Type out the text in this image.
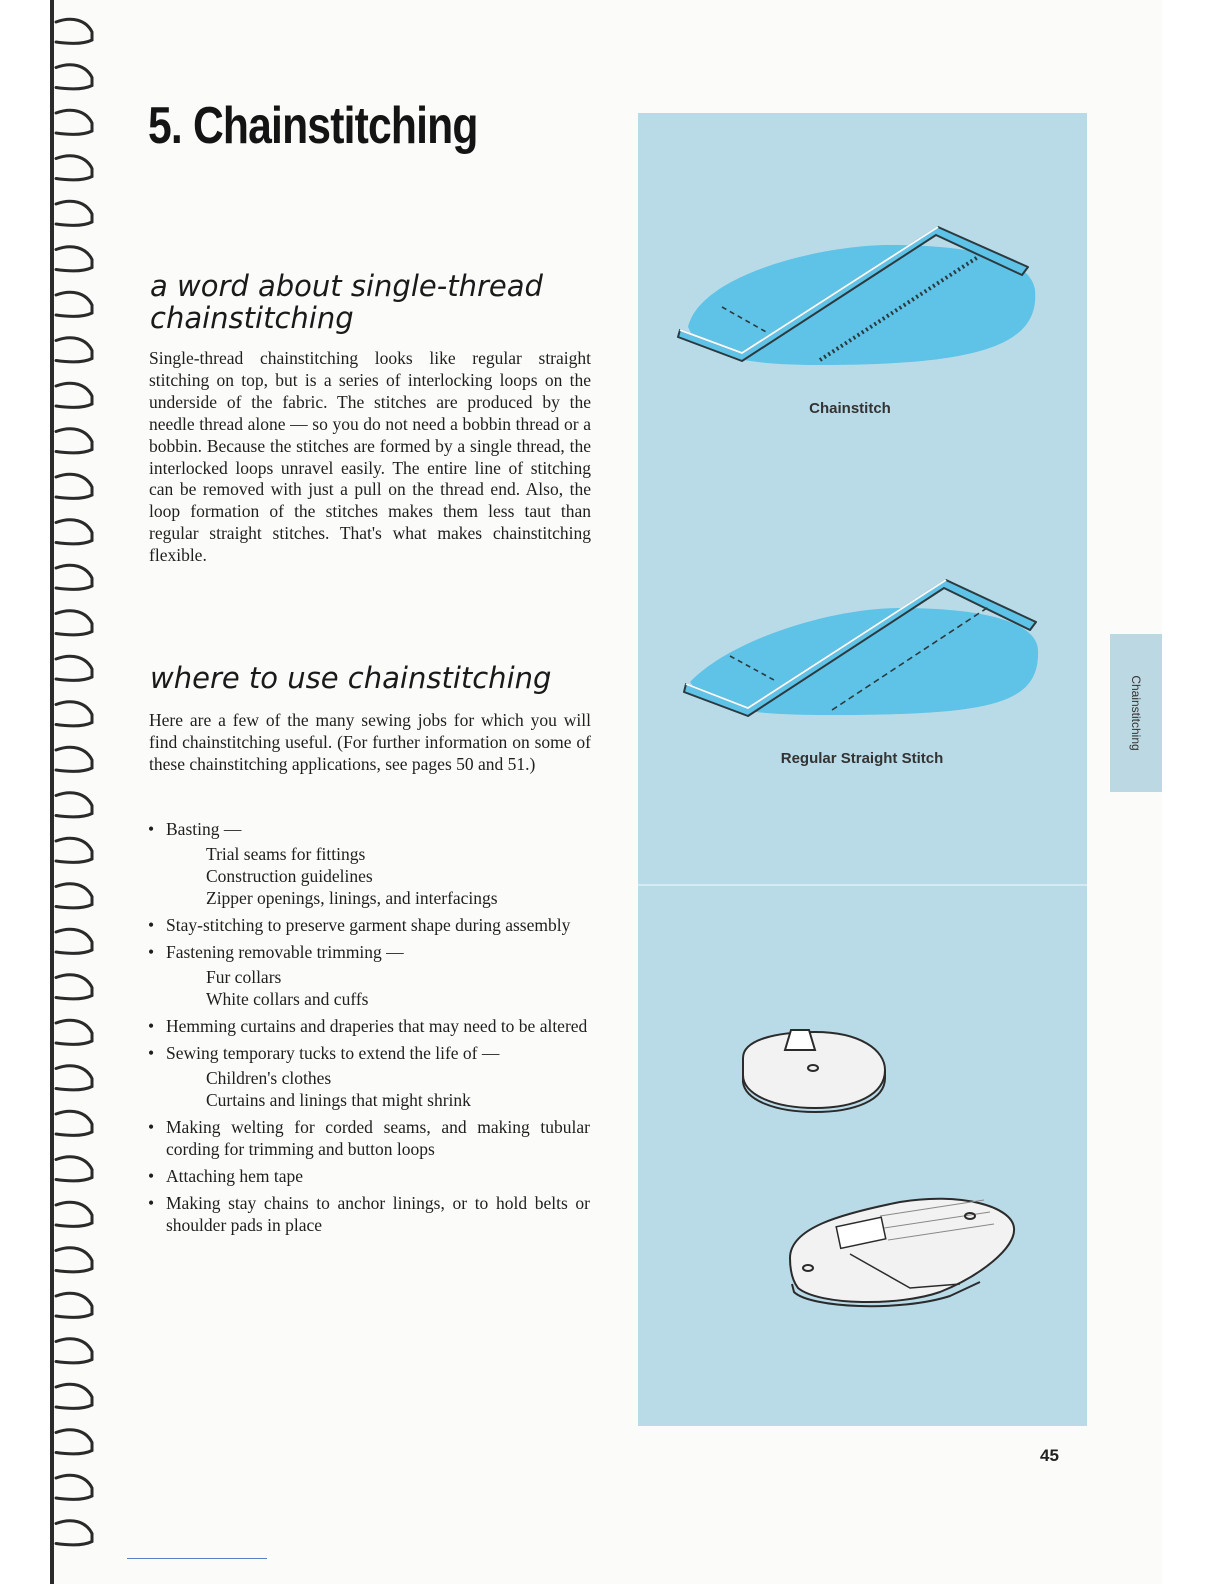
5. Chainstitching
a word about single-thread
chainstitching

Single-thread chainstitching looks like regular straight stitching on top, but is a series of interlocking loops on the underside of the fabric. The stitches are produced by the needle thread alone — so you do not need a bobbin thread or a bobbin. Because the stitches are formed by a single thread, the interlocked loops unravel easily. The entire line of stitching can be removed with just a pull on the thread end. Also, the loop formation of the stitches makes them less taut than regular straight stitches. That's what makes chainstitching flexible.

where to use chainstitching

Here are a few of the many sewing jobs for which you will find chainstitching useful. (For further information on some of these chainstitching applications, see pages 50 and 51.)

• Basting —
Trial seams for fittings
Construction guidelines
Zipper openings, linings, and interfacings
• Stay-stitching to preserve garment shape during assembly
• Fastening removable trimming —
Fur collars
White collars and cuffs
• Hemming curtains and draperies that may need to be altered
• Sewing temporary tucks to extend the life of —
Children's clothes
Curtains and linings that might shrink
• Making welting for corded seams, and making tubular cording for trimming and button loops
• Attaching hem tape
• Making stay chains to anchor linings, or to hold belts or shoulder pads in place

Chainstitch

Regular Straight Stitch

Chainstitching

45
